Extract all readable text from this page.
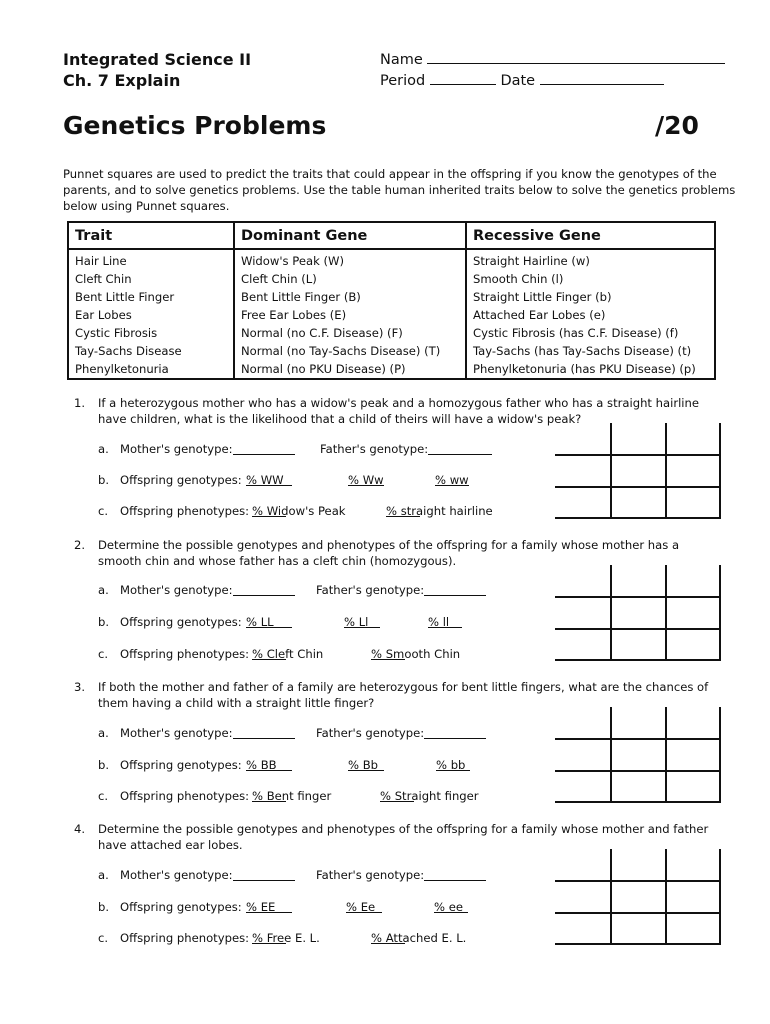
Integrated Science II
Ch. 7 Explain
Name
Period	Date
Genetics Problems	/20
Punnet squares are used to predict the traits that could appear in the offspring if you know the genotypes of the parents, and to solve genetics problems. Use the table human inherited traits below to solve the genetics problems below using Punnet squares.
Trait	Dominant Gene	Recessive Gene
Hair Line	Widow's Peak (W)	Straight Hairline (w)
Cleft Chin	Cleft Chin (L)	Smooth Chin (l)
Bent Little Finger	Bent Little Finger (B)	Straight Little Finger (b)
Ear Lobes	Free Ear Lobes (E)	Attached Ear Lobes (e)
Cystic Fibrosis	Normal (no C.F. Disease) (F)	Cystic Fibrosis (has C.F. Disease) (f)
Tay-Sachs Disease	Normal (no Tay-Sachs Disease) (T)	Tay-Sachs (has Tay-Sachs Disease) (t)
Phenylketonuria	Normal (no PKU Disease) (P)	Phenylketonuria (has PKU Disease) (p)
1. If a heterozygous mother who has a widow's peak and a homozygous father who has a straight hairline have children, what is the likelihood that a child of theirs will have a widow's peak?
a. Mother's genotype:	Father's genotype:
b. Offspring genotypes: % WW	% Ww	% ww
c. Offspring phenotypes: % Widow's Peak	% straight hairline
2. Determine the possible genotypes and phenotypes of the offspring for a family whose mother has a smooth chin and whose father has a cleft chin (homozygous).
a. Mother's genotype:	Father's genotype:
b. Offspring genotypes: % LL	% Ll	% ll
c. Offspring phenotypes: % Cleft Chin	% Smooth Chin
3. If both the mother and father of a family are heterozygous for bent little fingers, what are the chances of them having a child with a straight little finger?
a. Mother's genotype:	Father's genotype:
b. Offspring genotypes: % BB	% Bb	% bb
c. Offspring phenotypes: % Bent finger	% Straight finger
4. Determine the possible genotypes and phenotypes of the offspring for a family whose mother and father have attached ear lobes.
a. Mother's genotype:	Father's genotype:
b. Offspring genotypes: % EE	% Ee	% ee
c. Offspring phenotypes: % Free E. L.	% Attached E. L.
